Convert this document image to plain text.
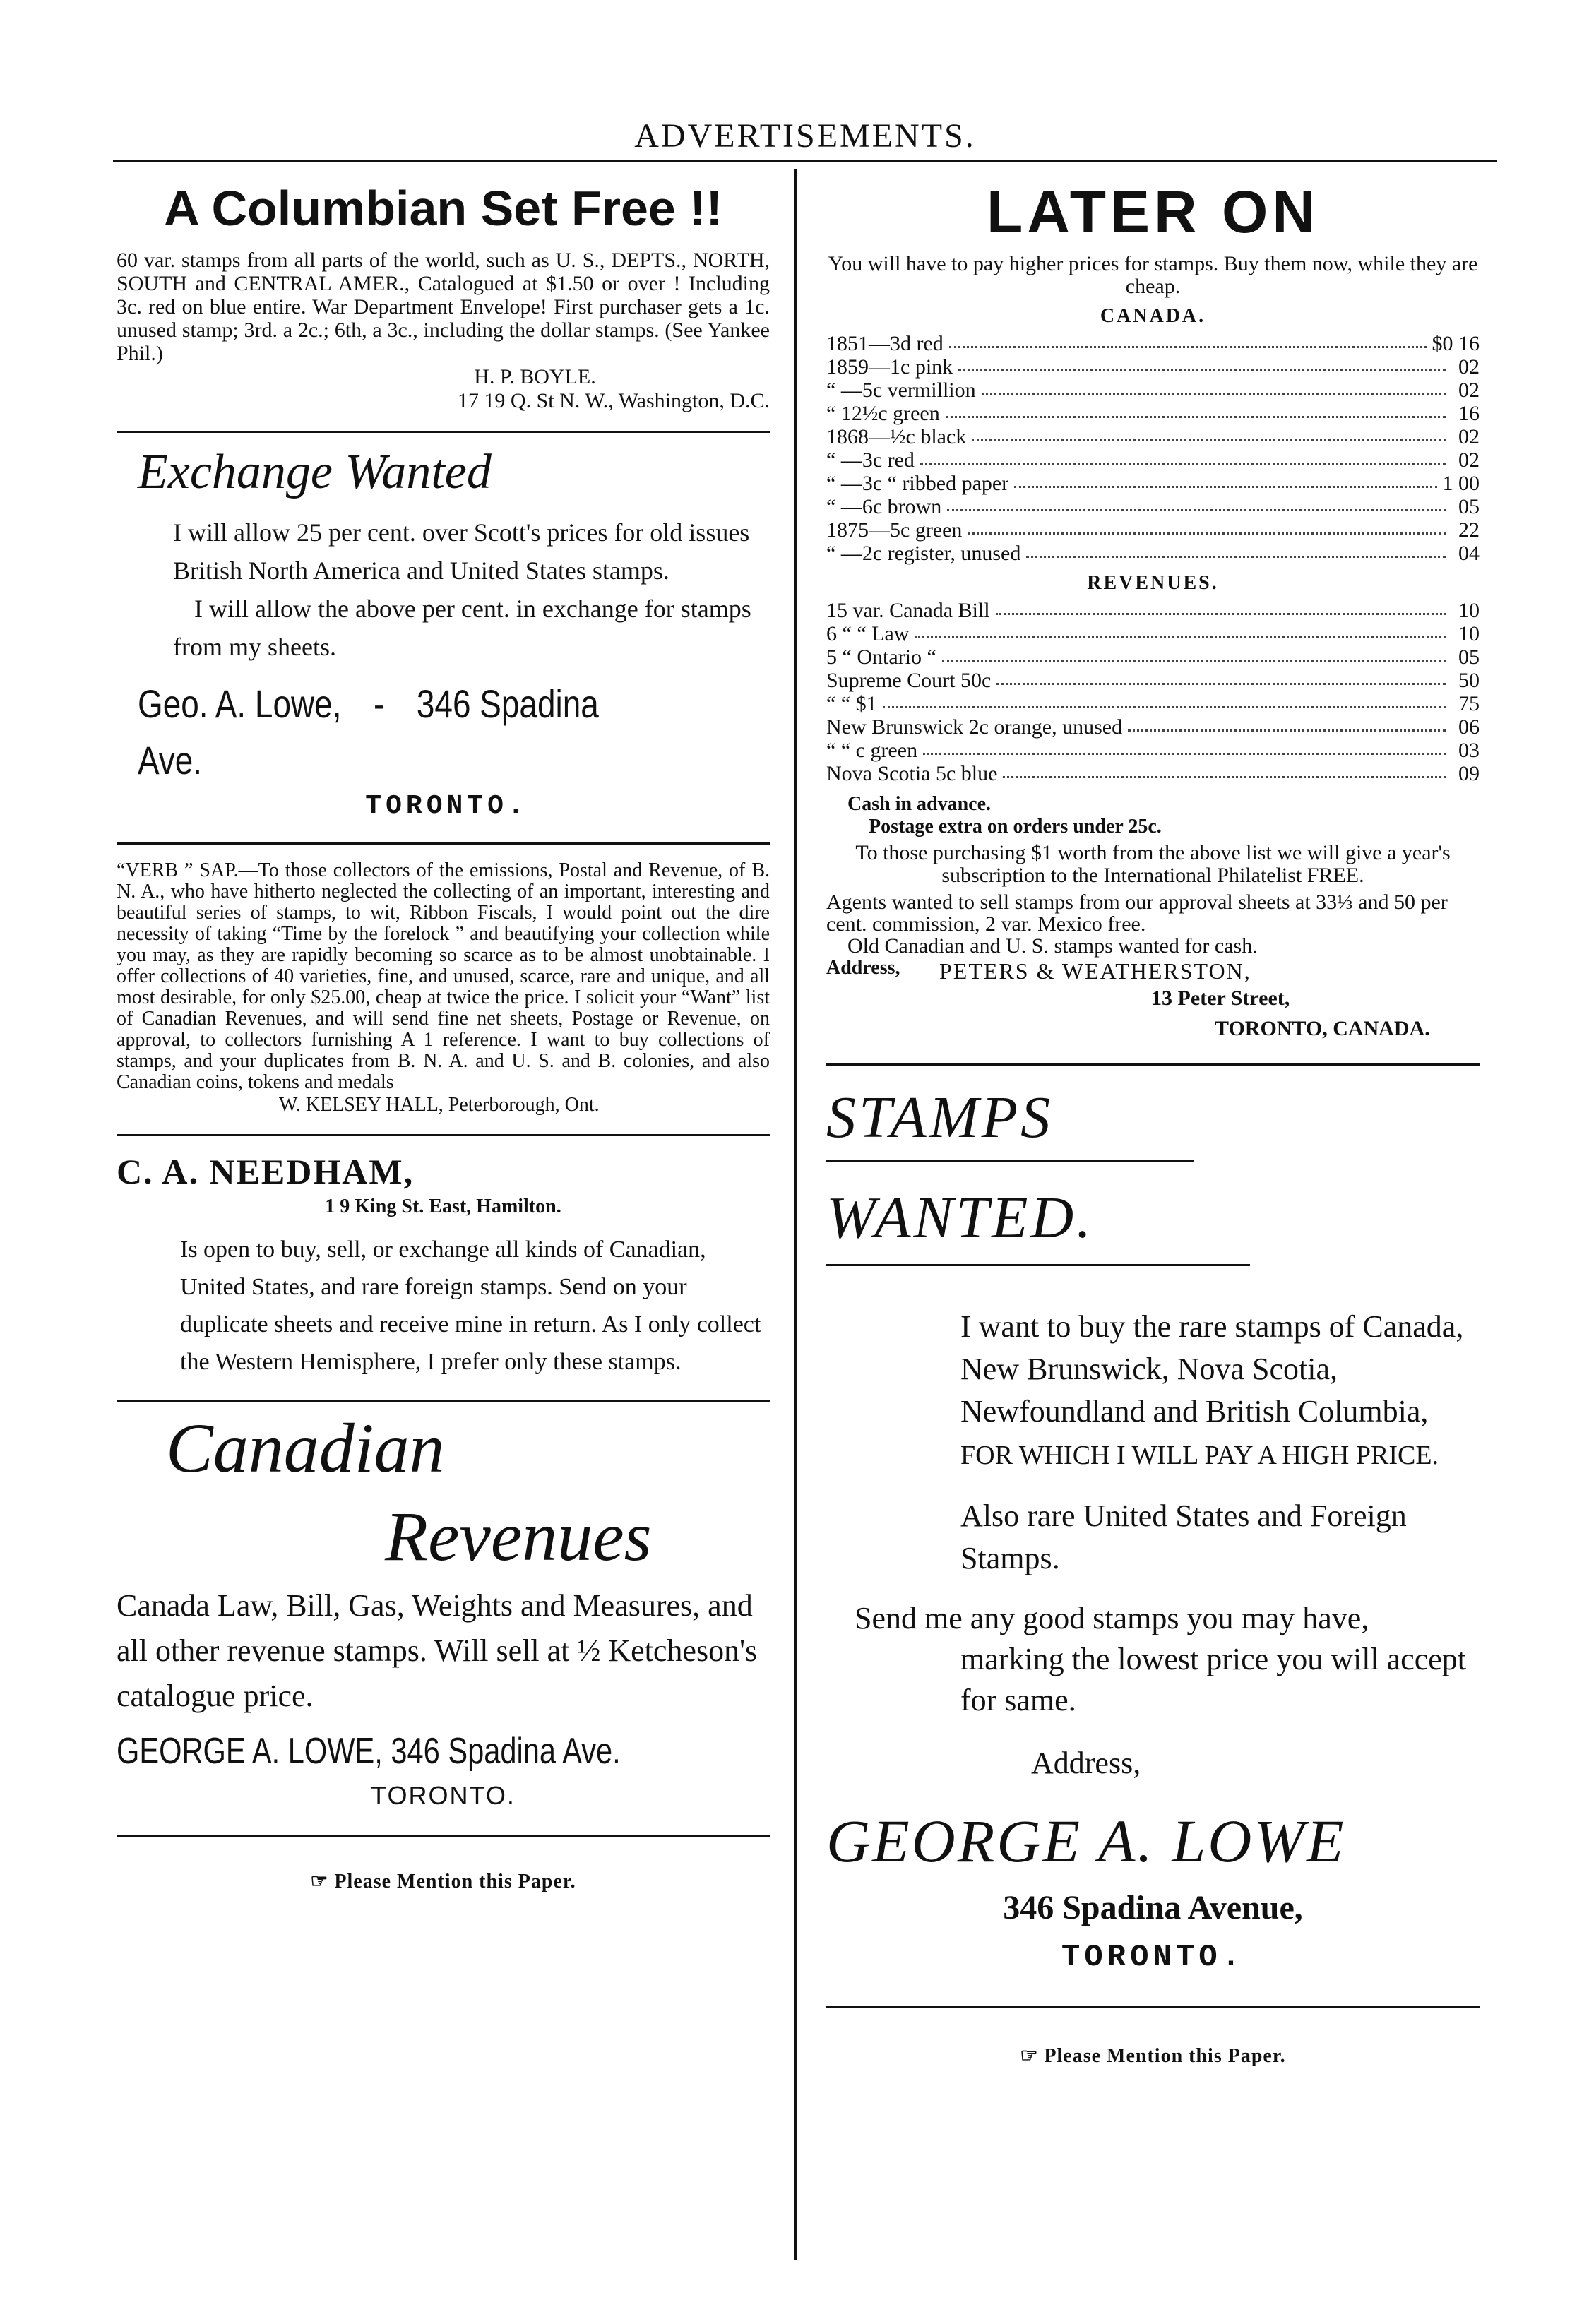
ADVERTISEMENTS.
A Columbian Set Free !!
60 var. stamps from all parts of the world, such as U. S., DEPTS., NORTH, SOUTH and CENTRAL AMER., Catalogued at $1.50 or over ! Including 3c. red on blue entire. War Department Envelope! First purchaser gets a 1c. unused stamp; 3rd. a 2c.; 6th, a 3c., including the dollar stamps. (See Yankee Phil.)
H. P. BOYLE.
17 19 Q. St N. W., Washington, D.C.
Exchange Wanted
I will allow 25 per cent. over Scott's prices for old issues British North America and United States stamps.
I will allow the above per cent. in exchange for stamps from my sheets.
Geo. A. Lowe, - 346 Spadina Ave.
TORONTO.
“VERB ” SAP.—To those collectors of the emissions, Postal and Revenue, of B. N. A., who have hitherto neglected the collecting of an important, interesting and beautiful series of stamps, to wit, Ribbon Fiscals, I would point out the dire necessity of taking “Time by the forelock ” and beautifying your collection while you may, as they are rapidly becoming so scarce as to be almost unobtainable. I offer collections of 40 varieties, fine, and unused, scarce, rare and unique, and all most desirable, for only $25.00, cheap at twice the price. I solicit your “Want” list of Canadian Revenues, and will send fine net sheets, Postage or Revenue, on approval, to collectors furnishing A 1 reference. I want to buy collections of stamps, and your duplicates from B. N. A. and U. S. and B. colonies, and also Canadian coins, tokens and medals
W. KELSEY HALL, Peterborough, Ont.
C. A. NEEDHAM,
1 9 King St. East, Hamilton.
Is open to buy, sell, or exchange all kinds of Canadian, United States, and rare foreign stamps. Send on your duplicate sheets and receive mine in return. As I only collect the Western Hemisphere, I prefer only these stamps.
Canadian
Revenues
Canada Law, Bill, Gas, Weights and Measures, and all other revenue stamps. Will sell at ½ Ketcheson's catalogue price.
GEORGE A. LOWE, 346 Spadina Ave.
TORONTO.
☞ Please Mention this Paper.
LATER ON
You will have to pay higher prices for stamps. Buy them now, while they are cheap.
CANADA.
1851—3d red	$0 16
1859—1c pink	02
“ —5c vermillion	02
“ 12½c green	16
1868—½c black	02
“ —3c red	02
“ —3c “ ribbed paper	1 00
“ —6c brown	05
1875—5c green	22
“ —2c register, unused	04
REVENUES.
15 var. Canada Bill	10
6 “ “ Law	10
5 “ Ontario “	05
Supreme Court 50c	50
“ “ $1	75
New Brunswick 2c orange, unused	06
“ “ c green	03
Nova Scotia 5c blue	09
Cash in advance.
Postage extra on orders under 25c.
To those purchasing $1 worth from the above list we will give a year's subscription to the International Philatelist FREE.
Agents wanted to sell stamps from our approval sheets at 33⅓ and 50 per cent. commission, 2 var. Mexico free.
Old Canadian and U. S. stamps wanted for cash.
Address,	PETERS & WEATHERSTON,
13 Peter Street,
TORONTO, CANADA.
STAMPS
WANTED.
I want to buy the rare stamps of Canada, New Brunswick, Nova Scotia, Newfoundland and British Columbia, FOR WHICH I WILL PAY A HIGH PRICE.
Also rare United States and Foreign Stamps.
Send me any good stamps you may have, marking the lowest price you will accept for same.
Address,
GEORGE A. LOWE
346 Spadina Avenue,
TORONTO.
☞ Please Mention this Paper.
